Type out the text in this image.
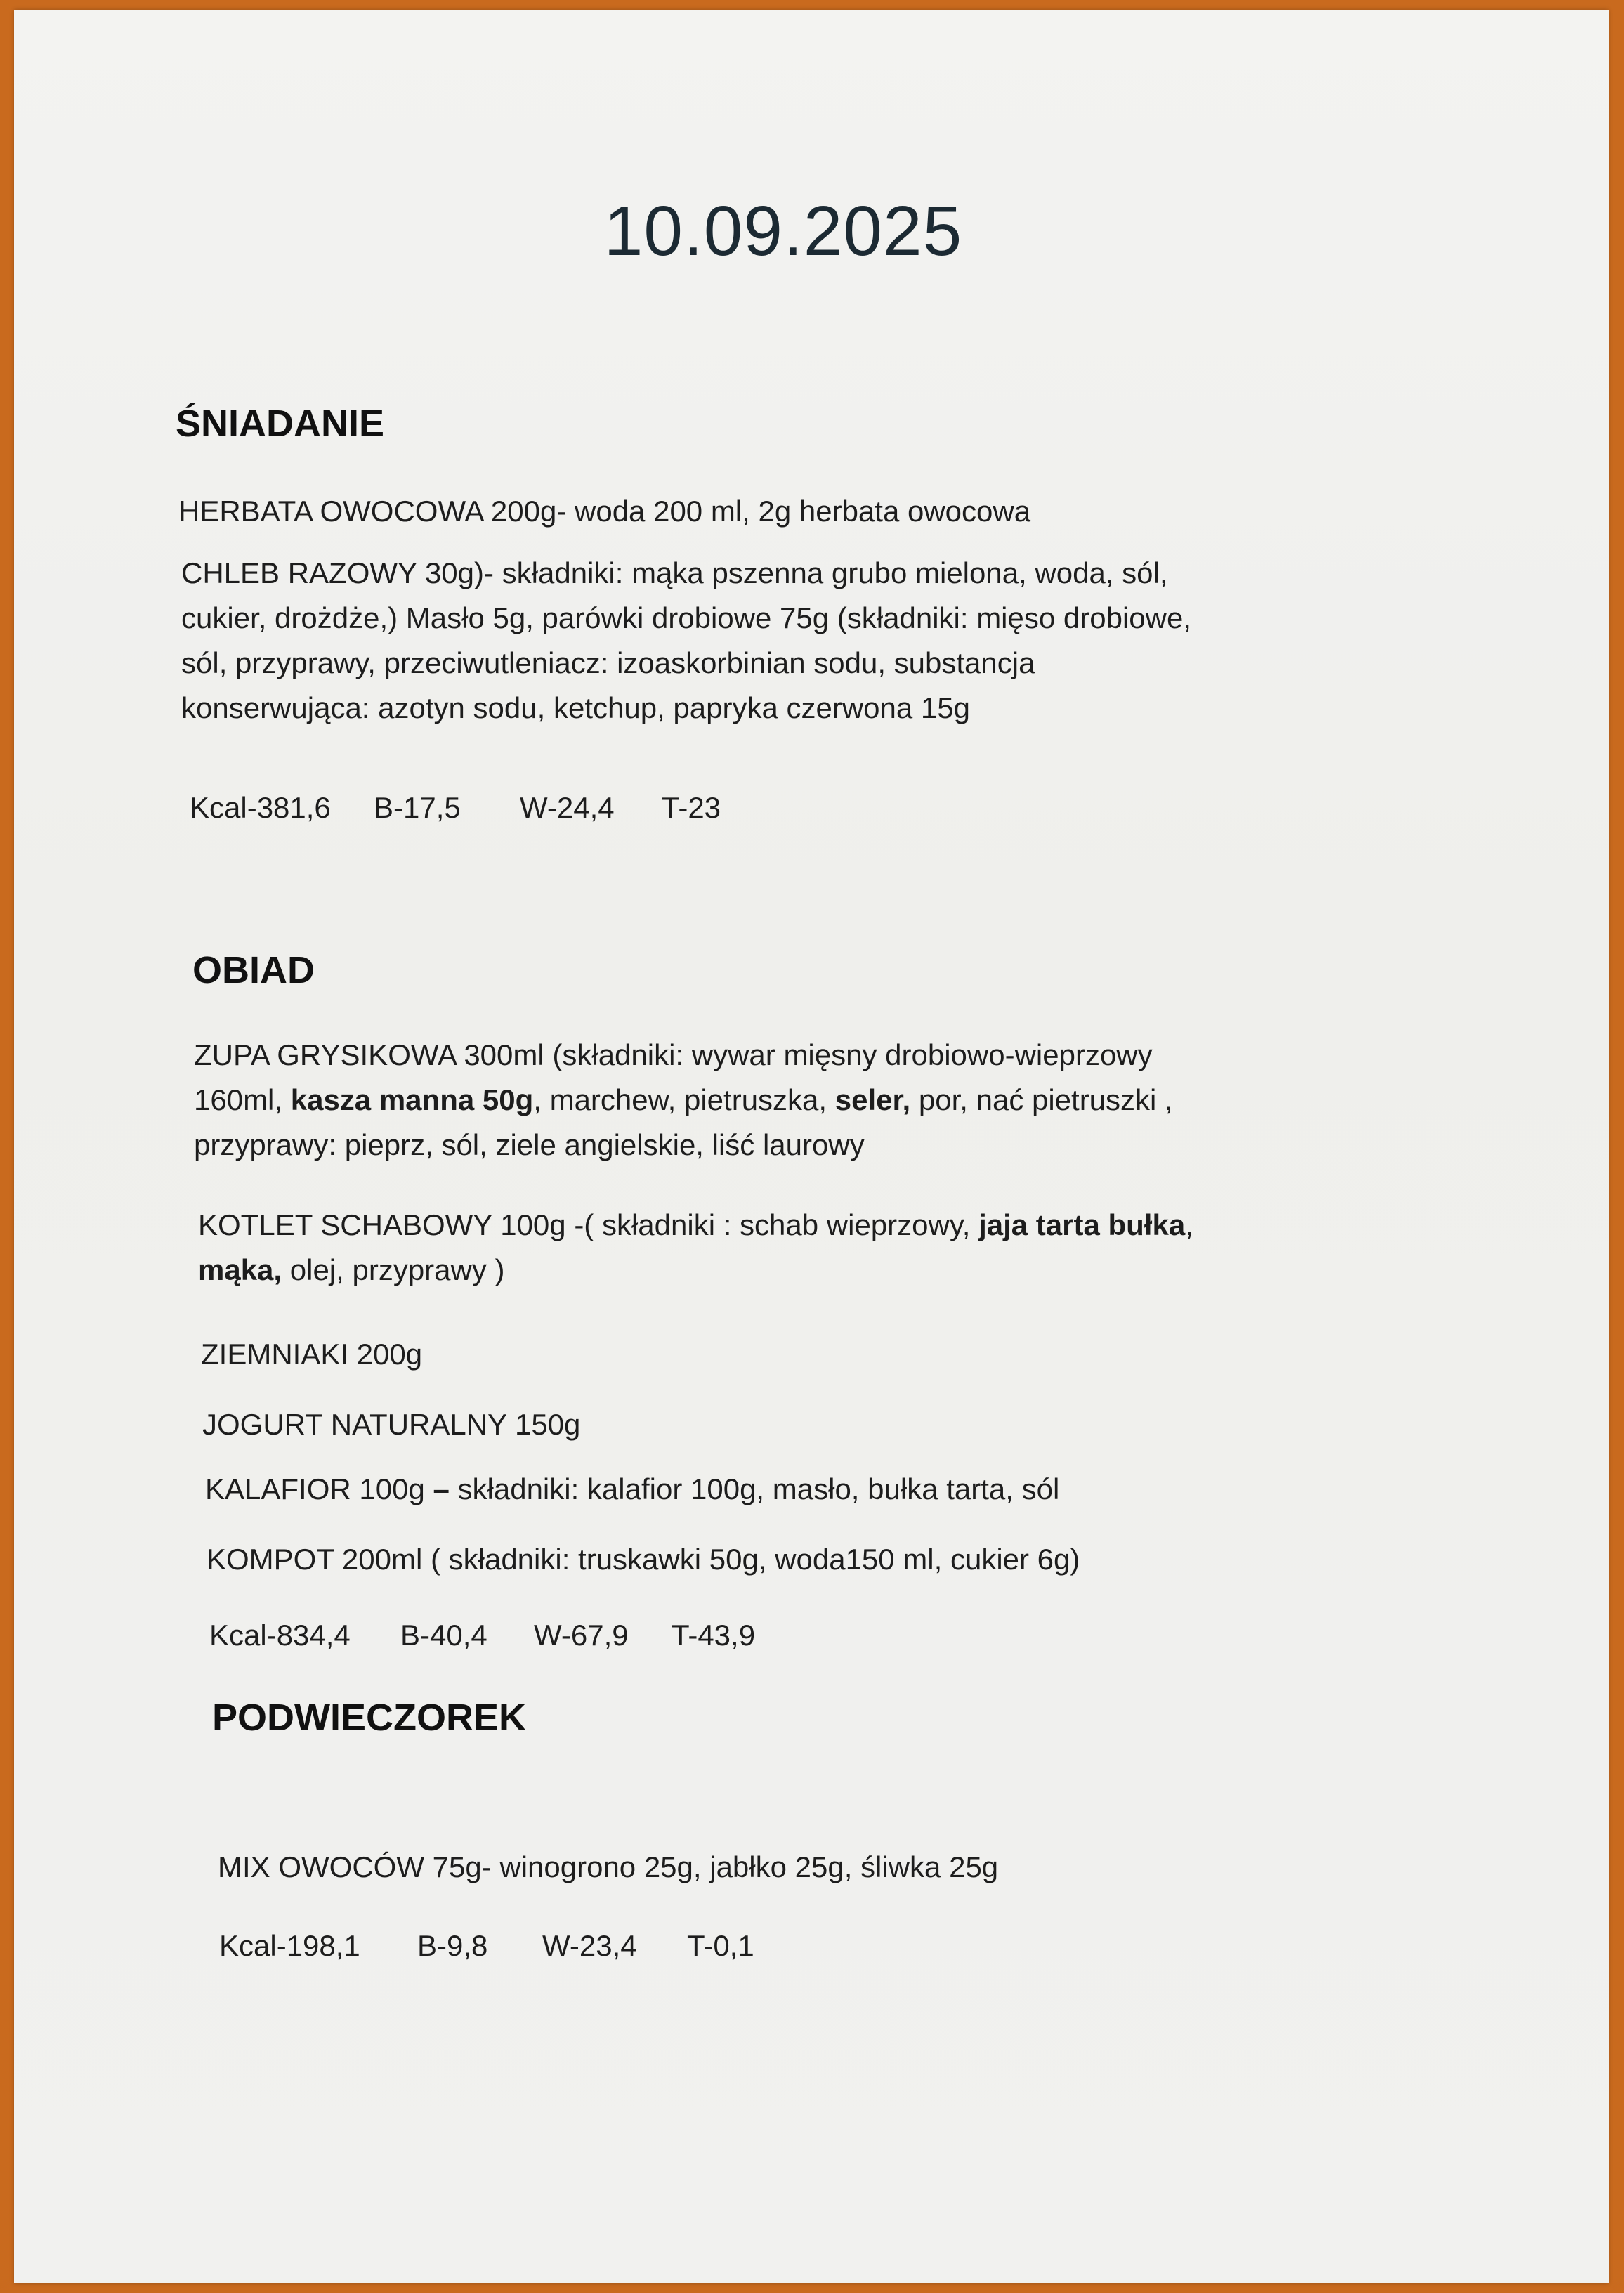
10.09.2025
ŚNIADANIE
HERBATA OWOCOWA 200g- woda 200 ml, 2g herbata owocowa
CHLEB RAZOWY 30g)- składniki: mąka pszenna grubo mielona, woda, sól,
cukier, drożdże,) Masło 5g, parówki drobiowe 75g (składniki: mięso drobiowe,
sól, przyprawy, przeciwutleniacz: izoaskorbinian sodu, substancja
konserwująca: azotyn sodu, ketchup, papryka czerwona 15g
Kcal-381,6 B-17,5 W-24,4 T-23
OBIAD
ZUPA GRYSIKOWA 300ml (składniki: wywar mięsny drobiowo-wieprzowy
160ml, kasza manna 50g, marchew, pietruszka, seler, por, nać pietruszki ,
przyprawy: pieprz, sól, ziele angielskie, liść laurowy
KOTLET SCHABOWY 100g -( składniki : schab wieprzowy, jaja tarta bułka,
mąka, olej, przyprawy )
ZIEMNIAKI 200g
JOGURT NATURALNY 150g
KALAFIOR 100g – składniki: kalafior 100g, masło, bułka tarta, sól
KOMPOT 200ml ( składniki: truskawki 50g, woda150 ml, cukier 6g)
Kcal-834,4 B-40,4 W-67,9 T-43,9
PODWIECZOREK
MIX OWOCÓW 75g- winogrono 25g, jabłko 25g, śliwka 25g
Kcal-198,1 B-9,8 W-23,4 T-0,1
